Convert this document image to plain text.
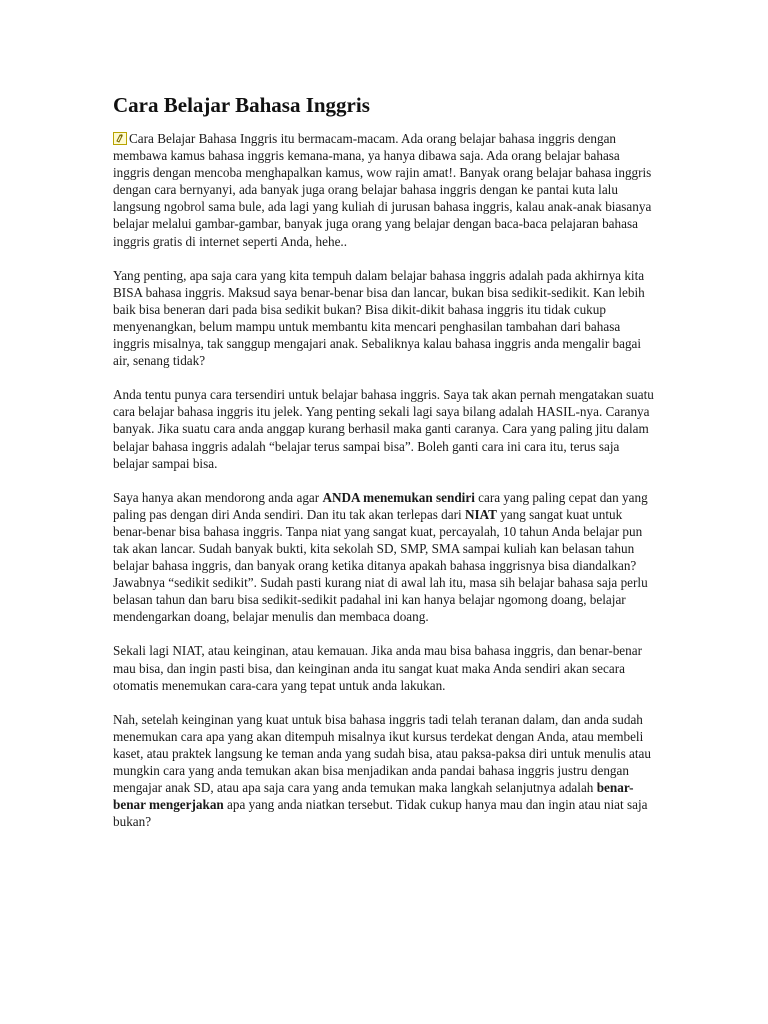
Cara Belajar Bahasa Inggris

Cara Belajar Bahasa Inggris itu bermacam-macam. Ada orang belajar bahasa inggris dengan membawa kamus bahasa inggris kemana-mana, ya hanya dibawa saja. Ada orang belajar bahasa inggris dengan mencoba menghapalkan kamus, wow rajin amat!. Banyak orang belajar bahasa inggris dengan cara bernyanyi, ada banyak juga orang belajar bahasa inggris dengan ke pantai kuta lalu langsung ngobrol sama bule, ada lagi yang kuliah di jurusan bahasa inggris, kalau anak-anak biasanya belajar melalui gambar-gambar, banyak juga orang yang belajar dengan baca-baca pelajaran bahasa inggris gratis di internet seperti Anda, hehe..

Yang penting, apa saja cara yang kita tempuh dalam belajar bahasa inggris adalah pada akhirnya kita BISA bahasa inggris. Maksud saya benar-benar bisa dan lancar, bukan bisa sedikit-sedikit. Kan lebih baik bisa beneran dari pada bisa sedikit bukan? Bisa dikit-dikit bahasa inggris itu tidak cukup menyenangkan, belum mampu untuk membantu kita mencari penghasilan tambahan dari bahasa inggris misalnya, tak sanggup mengajari anak. Sebaliknya kalau bahasa inggris anda mengalir bagai air, senang tidak?

Anda tentu punya cara tersendiri untuk belajar bahasa inggris. Saya tak akan pernah mengatakan suatu cara belajar bahasa inggris itu jelek. Yang penting sekali lagi saya bilang adalah HASIL-nya. Caranya banyak. Jika suatu cara anda anggap kurang berhasil maka ganti caranya. Cara yang paling jitu dalam belajar bahasa inggris adalah “belajar terus sampai bisa”. Boleh ganti cara ini cara itu, terus saja belajar sampai bisa.

Saya hanya akan mendorong anda agar ANDA menemukan sendiri cara yang paling cepat dan yang paling pas dengan diri Anda sendiri. Dan itu tak akan terlepas dari NIAT yang sangat kuat untuk benar-benar bisa bahasa inggris. Tanpa niat yang sangat kuat, percayalah, 10 tahun Anda belajar pun tak akan lancar. Sudah banyak bukti, kita sekolah SD, SMP, SMA sampai kuliah kan belasan tahun belajar bahasa inggris, dan banyak orang ketika ditanya apakah bahasa inggrisnya bisa diandalkan? Jawabnya “sedikit sedikit”. Sudah pasti kurang niat di awal lah itu, masa sih belajar bahasa saja perlu belasan tahun dan baru bisa sedikit-sedikit padahal ini kan hanya belajar ngomong doang, belajar mendengarkan doang, belajar menulis dan membaca doang.

Sekali lagi NIAT, atau keinginan, atau kemauan. Jika anda mau bisa bahasa inggris, dan benar-benar mau bisa, dan ingin pasti bisa, dan keinginan anda itu sangat kuat maka Anda sendiri akan secara otomatis menemukan cara-cara yang tepat untuk anda lakukan.

Nah, setelah keinginan yang kuat untuk bisa bahasa inggris tadi telah teranan dalam, dan anda sudah menemukan cara apa yang akan ditempuh misalnya ikut kursus terdekat dengan Anda, atau membeli kaset, atau praktek langsung ke teman anda yang sudah bisa, atau paksa-paksa diri untuk menulis atau mungkin cara yang anda temukan akan bisa menjadikan anda pandai bahasa inggris justru dengan mengajar anak SD, atau apa saja cara yang anda temukan maka langkah selanjutnya adalah benar-benar mengerjakan apa yang anda niatkan tersebut. Tidak cukup hanya mau dan ingin atau niat saja bukan?
